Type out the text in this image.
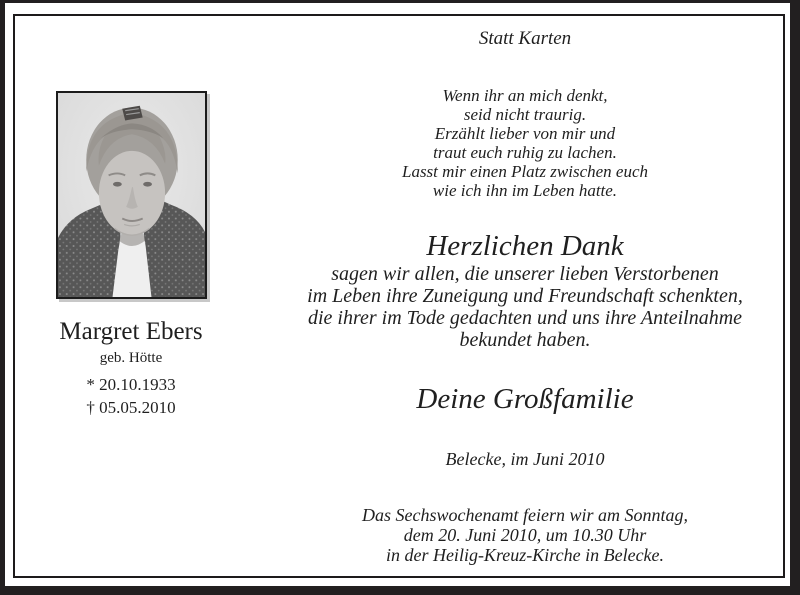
Statt Karten
Margret Ebers
geb. Hötte
* 20.10.1933
† 05.05.2010
Wenn ihr an mich denkt,
seid nicht traurig.
Erzählt lieber von mir und
traut euch ruhig zu lachen.
Lasst mir einen Platz zwischen euch
wie ich ihn im Leben hatte.
Herzlichen Dank
sagen wir allen, die unserer lieben Verstorbenen
im Leben ihre Zuneigung und Freundschaft schenkten,
die ihrer im Tode gedachten und uns ihre Anteilnahme
bekundet haben.
Deine Großfamilie
Belecke, im Juni 2010
Das Sechswochenamt feiern wir am Sonntag,
dem 20. Juni 2010, um 10.30 Uhr
in der Heilig-Kreuz-Kirche in Belecke.
